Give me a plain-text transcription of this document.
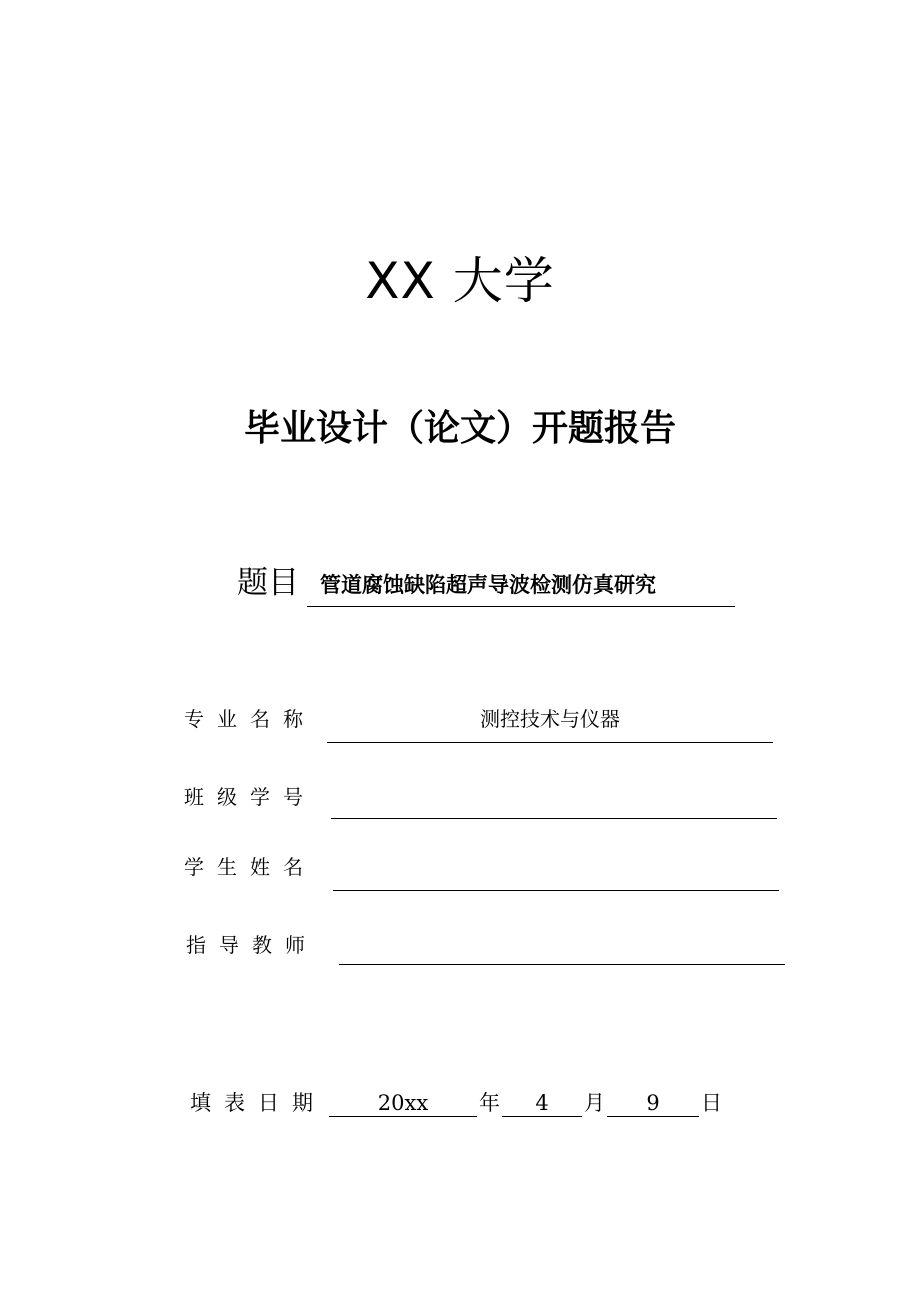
XX 大学
毕业设计（论文）开题报告
题目 管道腐蚀缺陷超声导波检测仿真研究
专业名称	测控技术与仪器
班级学号
学生姓名
指导教师
填表日期	20xx	年	4	月	9	日
